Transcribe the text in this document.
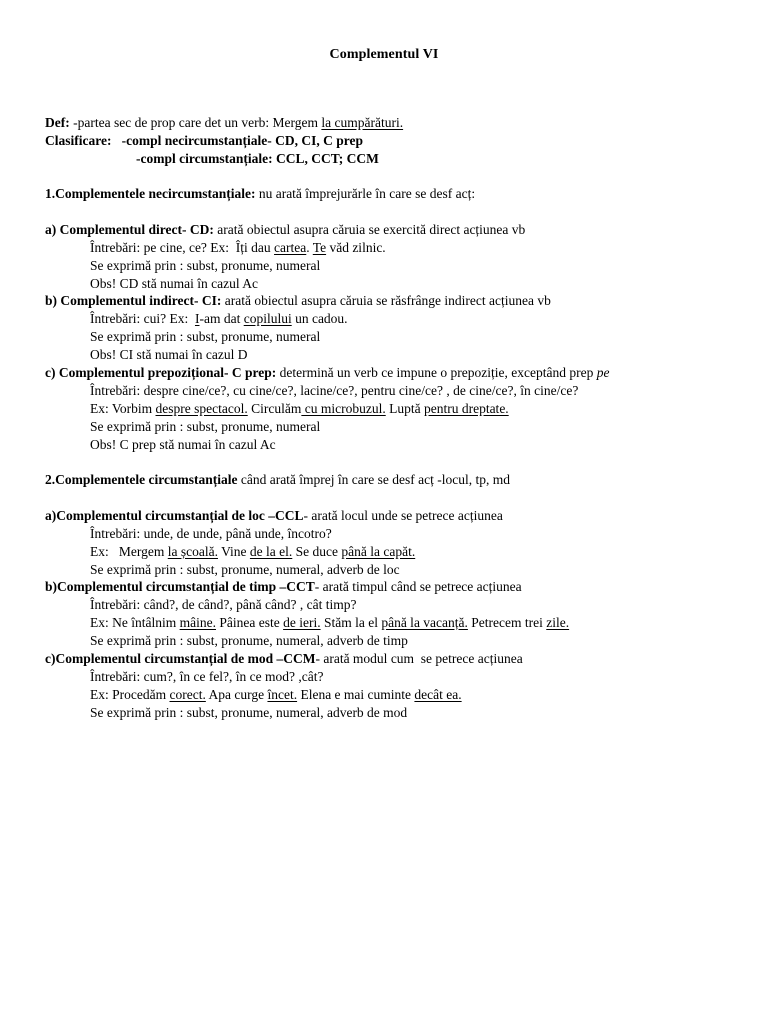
Complementul VI
Def: -partea sec de prop care det un verb: Mergem la cumpărături.
Clasificare:   -compl necircumstanțiale- CD, CI, C prep
-compl circumstanțiale: CCL, CCT; CCM
1.Complementele necircumstanțiale: nu arată împrejurărle în care se desf acț:
a) Complementul direct- CD: arată obiectul asupra căruia se exercită direct acțiunea vb
Întrebări: pe cine, ce? Ex:  Îți dau cartea. Te văd zilnic.
Se exprimă prin : subst, pronume, numeral
Obs! CD stă numai în cazul Ac
b) Complementul indirect- CI: arată obiectul asupra căruia se răsfrânge indirect acțiunea vb
Întrebări: cui? Ex:  I-am dat copilului un cadou.
Se exprimă prin : subst, pronume, numeral
Obs! CI stă numai în cazul D
c) Complementul prepozițional- C prep: determină un verb ce impune o prepoziție, exceptând prep pe
Întrebări: despre cine/ce?, cu cine/ce?, lacine/ce?, pentru cine/ce? , de cine/ce?, în cine/ce?
Ex: Vorbim despre spectacol. Circulăm cu microbuzul. Luptă pentru dreptate.
Se exprimă prin : subst, pronume, numeral
Obs! C prep stă numai în cazul Ac
2.Complementele circumstanțiale când arată împrej în care se desf acț -locul, tp, md
a)Complementul circumstanțial de loc –CCL- arată locul unde se petrece acțiunea
Întrebări: unde, de unde, până unde, încotro?
Ex:   Mergem la școală. Vine de la el. Se duce până la capăt.
Se exprimă prin : subst, pronume, numeral, adverb de loc
b)Complementul circumstanțial de timp –CCT- arată timpul când se petrece acțiunea
Întrebări: când?, de când?, până când? , cât timp?
Ex: Ne întâlnim mâine. Pâinea este de ieri. Stăm la el până la vacanță. Petrecem trei zile.
Se exprimă prin : subst, pronume, numeral, adverb de timp
c)Complementul circumstanțial de mod –CCM- arată modul cum  se petrece acțiunea
Întrebări: cum?, în ce fel?, în ce mod? ,cât?
Ex: Procedăm corect. Apa curge încet. Elena e mai cuminte decât ea.
Se exprimă prin : subst, pronume, numeral, adverb de mod
